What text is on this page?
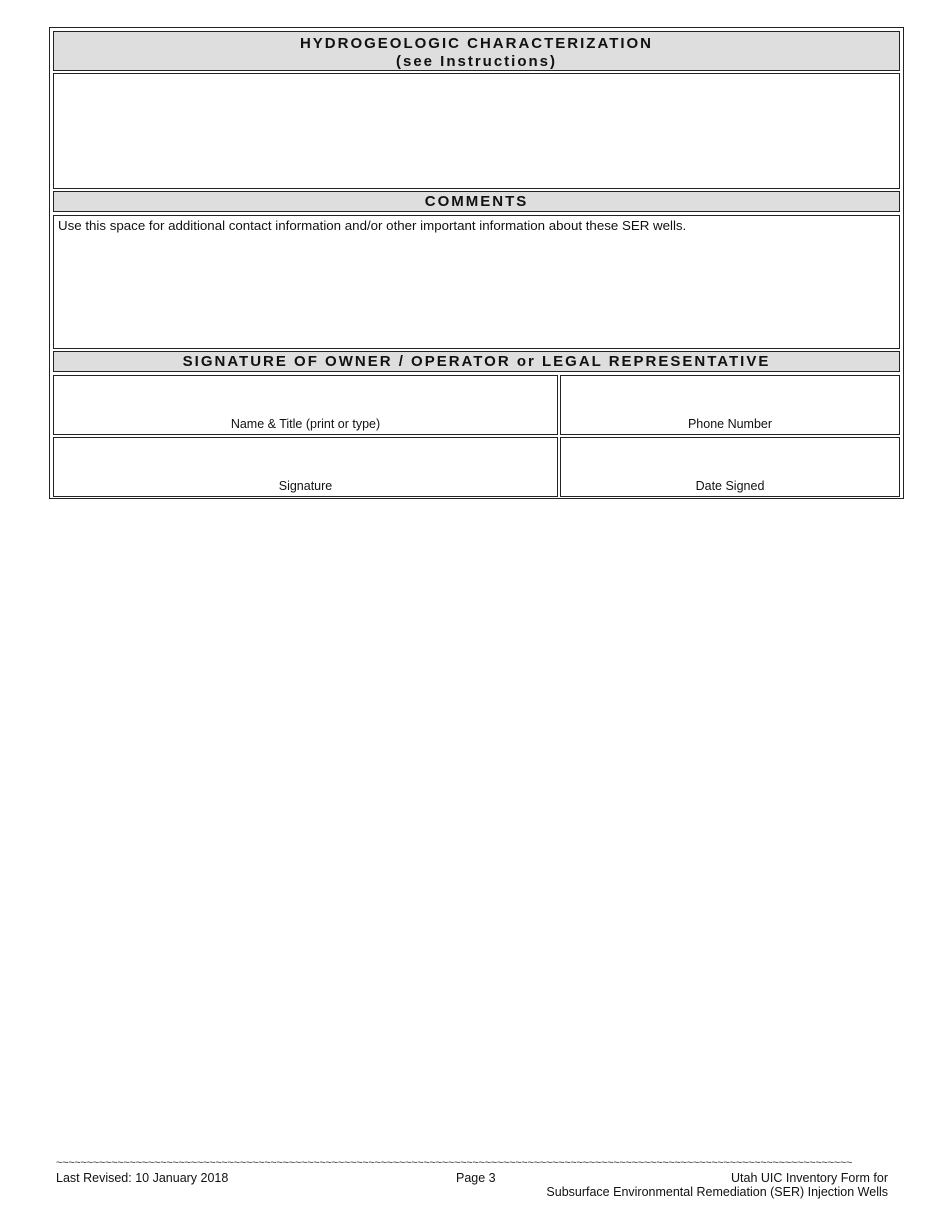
HYDROGEOLOGIC CHARACTERIZATION
(see Instructions)
COMMENTS
Use this space for additional contact information and/or other important information about these SER wells.
SIGNATURE OF OWNER / OPERATOR or LEGAL REPRESENTATIVE
Name & Title (print or type)	Phone Number
Signature	Date Signed
~~~~~~~~~~~~~~~~~~~~~~~~~~~~~~~~~~~~~~~~~~~~~~~~~~~~~~~~~~~~~~~~~~~~~~~~~~~~~~~~~~~~~~~~~~~~~~~~~~~~~~~~~~~~~~~~~~~~~~~~~~~~~~~~~~
Last Revised: 10 January 2018	Page 3	Utah UIC Inventory Form for
Subsurface Environmental Remediation (SER) Injection Wells
